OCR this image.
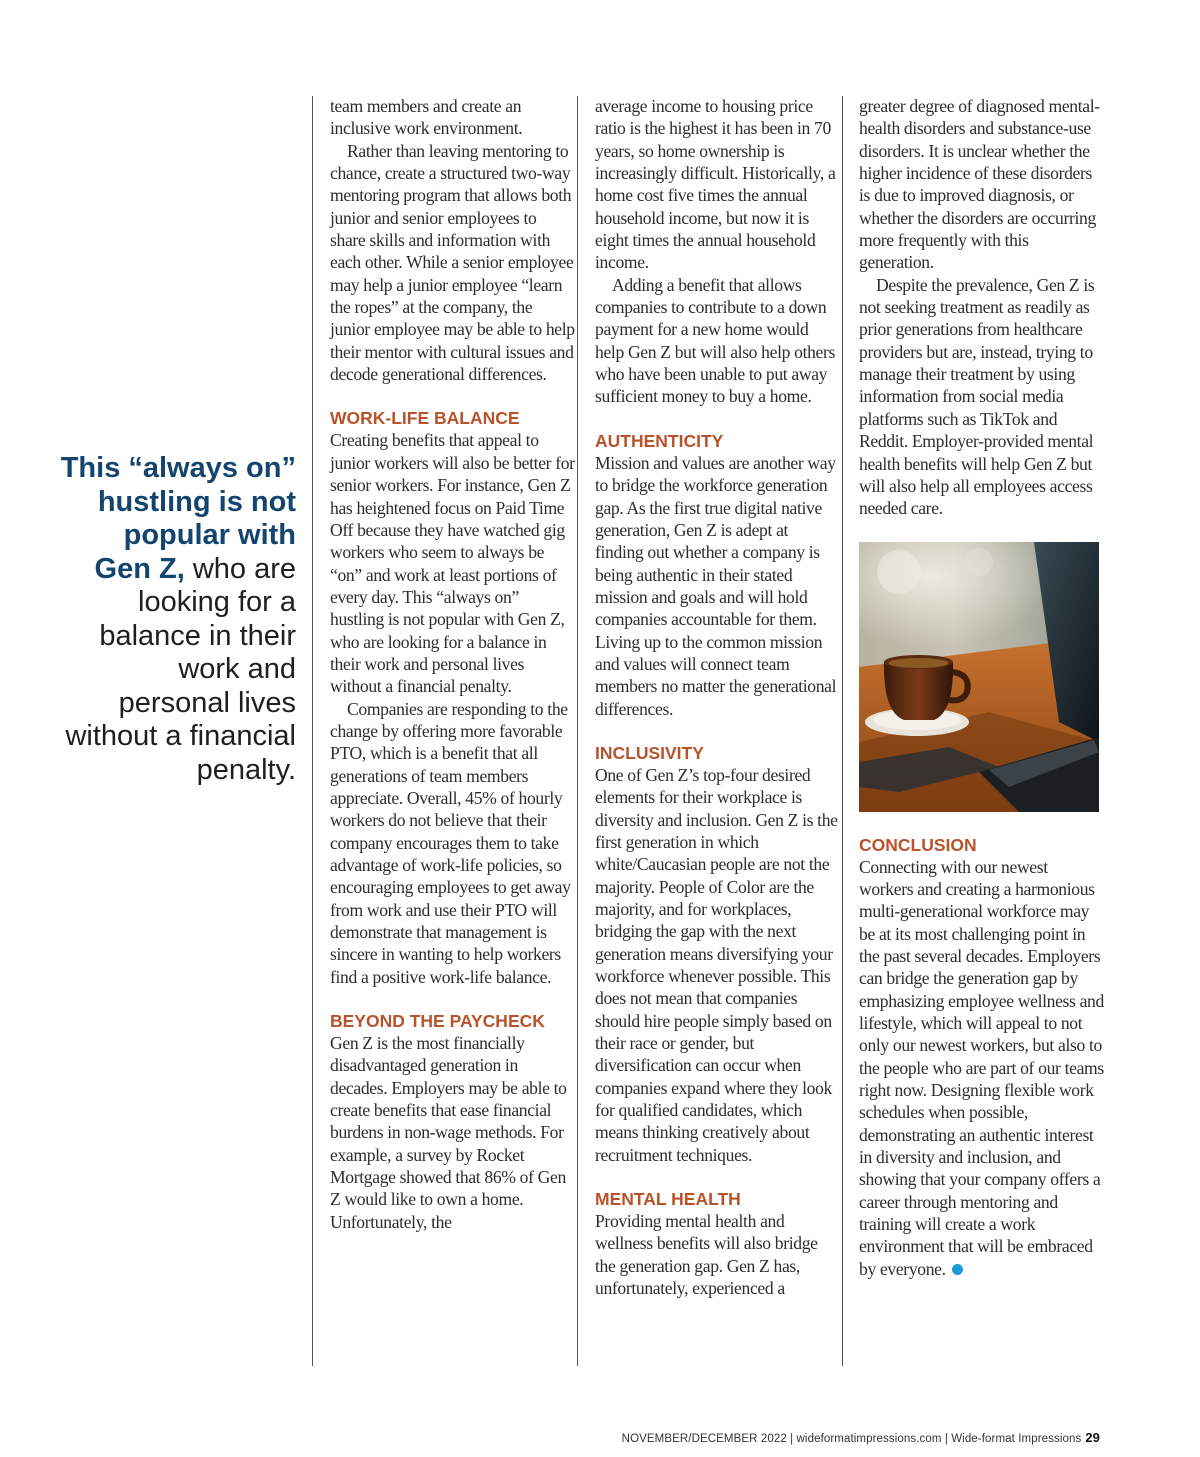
This “always on” hustling is not popular with Gen Z, who are looking for a balance in their work and personal lives without a financial penalty.

team members and create an inclusive work environment.

Rather than leaving mentoring to chance, create a structured two-way mentoring program that allows both junior and senior employees to share skills and information with each other. While a senior employee may help a junior employee “learn the ropes” at the company, the junior employee may be able to help their mentor with cultural issues and decode generational differences.

WORK-LIFE BALANCE

Creating benefits that appeal to junior workers will also be better for senior workers. For instance, Gen Z has heightened focus on Paid Time Off because they have watched gig workers who seem to always be “on” and work at least portions of every day. This “always on” hustling is not popular with Gen Z, who are looking for a balance in their work and personal lives without a financial penalty.

Companies are responding to the change by offering more favorable PTO, which is a benefit that all generations of team members appreciate. Overall, 45% of hourly workers do not believe that their company encourages them to take advantage of work-life policies, so encouraging employees to get away from work and use their PTO will demonstrate that management is sincere in wanting to help workers find a positive work-life balance.

BEYOND THE PAYCHECK

Gen Z is the most financially disadvantaged generation in decades. Employers may be able to create benefits that ease financial burdens in non-wage methods. For example, a survey by Rocket Mortgage showed that 86% of Gen Z would like to own a home. Unfortunately, the

average income to housing price ratio is the highest it has been in 70 years, so home ownership is increasingly difficult. Historically, a home cost five times the annual household income, but now it is eight times the annual household income.

Adding a benefit that allows companies to contribute to a down payment for a new home would help Gen Z but will also help others who have been unable to put away sufficient money to buy a home.

AUTHENTICITY

Mission and values are another way to bridge the workforce generation gap. As the first true digital native generation, Gen Z is adept at finding out whether a company is being authentic in their stated mission and goals and will hold companies accountable for them. Living up to the common mission and values will connect team members no matter the generational differences.

INCLUSIVITY

One of Gen Z’s top-four desired elements for their workplace is diversity and inclusion. Gen Z is the first generation in which white/Caucasian people are not the majority. People of Color are the majority, and for workplaces, bridging the gap with the next generation means diversifying your workforce whenever possible. This does not mean that companies should hire people simply based on their race or gender, but diversification can occur when companies expand where they look for qualified candidates, which means thinking creatively about recruitment techniques.

MENTAL HEALTH

Providing mental health and wellness benefits will also bridge the generation gap. Gen Z has, unfortunately, experienced a

greater degree of diagnosed mental-health disorders and substance-use disorders. It is unclear whether the higher incidence of these disorders is due to improved diagnosis, or whether the disorders are occurring more frequently with this generation.

Despite the prevalence, Gen Z is not seeking treatment as readily as prior generations from healthcare providers but are, instead, trying to manage their treatment by using information from social media platforms such as TikTok and Reddit. Employer-provided mental health benefits will help Gen Z but will also help all employees access needed care.

CONCLUSION

Connecting with our newest workers and creating a harmonious multi-generational workforce may be at its most challenging point in the past several decades. Employers can bridge the generation gap by emphasizing employee wellness and lifestyle, which will appeal to not only our newest workers, but also to the people who are part of our teams right now. Designing flexible work schedules when possible, demonstrating an authentic interest in diversity and inclusion, and showing that your company offers a career through mentoring and training will create a work environment that will be embraced by everyone.

NOVEMBER/DECEMBER 2022 | wideformatimpressions.com | Wide-format Impressions 29
